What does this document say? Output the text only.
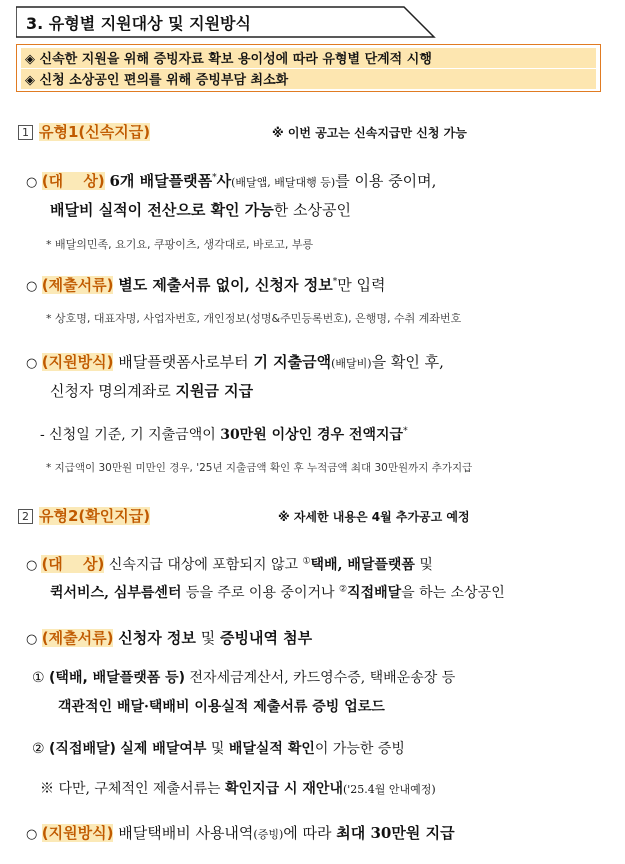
3. 유형별 지원대상 및 지원방식
◈ 신속한 지원을 위해 증빙자료 확보 용이성에 따라 유형별 단계적 시행
◈ 신청 소상공인 편의를 위해 증빙부담 최소화
1 유형1(신속지급)	※ 이번 공고는 신속지급만 신청 가능
○ (대　 상) 6개 배달플랫폼*사(배달앱, 배달대행 등)를 이용 중이며,
배달비 실적이 전산으로 확인 가능한 소상공인
* 배달의민족, 요기요, 쿠팡이츠, 생각대로, 바로고, 부릉
○ (제출서류) 별도 제출서류 없이, 신청자 정보*만 입력
* 상호명, 대표자명, 사업자번호, 개인정보(성명&주민등록번호), 은행명, 수취 계좌번호
○ (지원방식) 배달플랫폼사로부터 기 지출금액(배달비)을 확인 후,
신청자 명의계좌로 지원금 지급
- 신청일 기준, 기 지출금액이 30만원 이상인 경우 전액지급*
* 지급액이 30만원 미만인 경우, '25년 지출금액 확인 후 누적금액 최대 30만원까지 추가지급
2 유형2(확인지급)	※ 자세한 내용은 4월 추가공고 예정
○ (대　 상) 신속지급 대상에 포함되지 않고 ①택배, 배달플랫폼 및
퀵서비스, 심부름센터 등을 주로 이용 중이거나 ②직접배달을 하는 소상공인
○ (제출서류) 신청자 정보 및 증빙내역 첨부
① (택배, 배달플랫폼 등) 전자세금계산서, 카드영수증, 택배운송장 등
객관적인 배달·택배비 이용실적 제출서류 증빙 업로드
② (직접배달) 실제 배달여부 및 배달실적 확인이 가능한 증빙
※ 다만, 구체적인 제출서류는 확인지급 시 재안내('25.4월 안내예정)
○ (지원방식) 배달택배비 사용내역(증빙)에 따라 최대 30만원 지급
